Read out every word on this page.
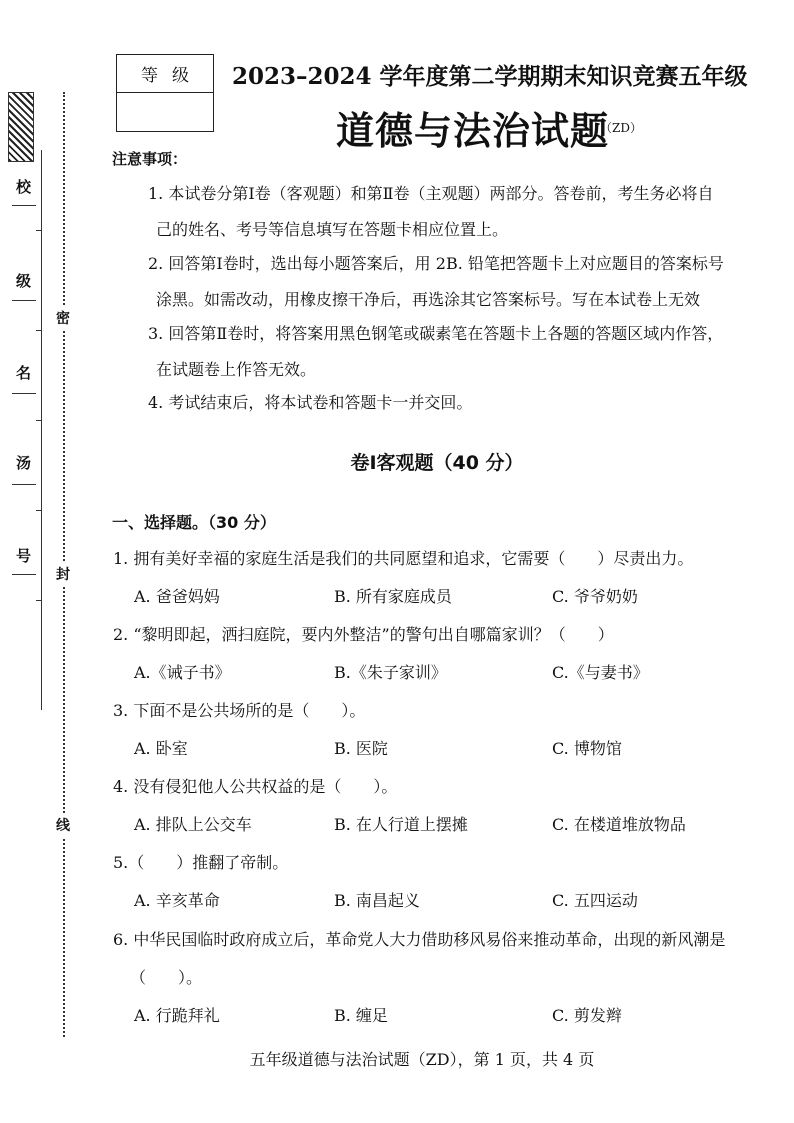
校
级
名
汤
号
密
封
线
等级	2023–2024 学年度第二学期期末知识竞赛五年级
道德与法治试题
（ZD）
注意事项：
1. 本试卷分第Ⅰ卷（客观题）和第Ⅱ卷（主观题）两部分。答卷前，考生务必将自
己的姓名、考号等信息填写在答题卡相应位置上。
2. 回答第Ⅰ卷时，选出每小题答案后，用 2B. 铅笔把答题卡上对应题目的答案标号
涂黑。如需改动，用橡皮擦干净后，再选涂其它答案标号。写在本试卷上无效
3. 回答第Ⅱ卷时，将答案用黑色钢笔或碳素笔在答题卡上各题的答题区域内作答，
在试题卷上作答无效。
4. 考试结束后，将本试卷和答题卡一并交回。
卷Ⅰ客观题（40 分）
一、选择题。（30 分）
1. 拥有美好幸福的家庭生活是我们的共同愿望和追求，它需要（　　）尽责出力。
A. 爸爸妈妈	B. 所有家庭成员	C. 爷爷奶奶
2. “黎明即起，洒扫庭院，要内外整洁”的警句出自哪篇家训？（　　）
A.《诫子书》	B.《朱子家训》	C.《与妻书》
3. 下面不是公共场所的是（　　）。
A. 卧室	B. 医院	C. 博物馆
4. 没有侵犯他人公共权益的是（　　）。
A. 排队上公交车	B. 在人行道上摆摊	C. 在楼道堆放物品
5.（　　）推翻了帝制。
A. 辛亥革命	B. 南昌起义	C. 五四运动
6. 中华民国临时政府成立后，革命党人大力借助移风易俗来推动革命，出现的新风潮是
（　　）。
A. 行跪拜礼	B. 缠足	C. 剪发辫
五年级道德与法治试题（ZD），第 1 页，共 4 页
